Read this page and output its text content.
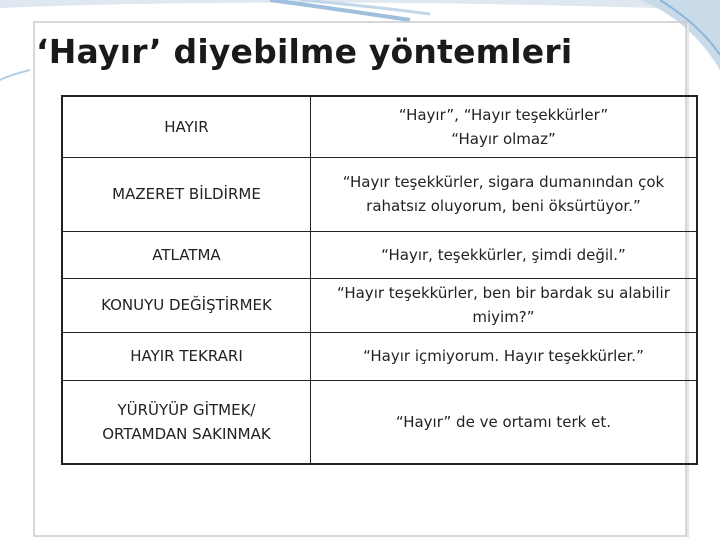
‘Hayır’ diyebilme yöntemleri
HAYIR	“Hayır”, “Hayır teşekkürler”
“Hayır olmaz”

MAZERET BİLDİRME	“Hayır teşekkürler, sigara dumanından çok
rahatsız oluyorum, beni öksürtüyor.”

ATLATMA	“Hayır, teşekkürler, şimdi değil.”

KONUYU DEĞİŞTİRMEK	“Hayır teşekkürler, ben bir bardak su alabilir
miyim?”

HAYIR TEKRARI	“Hayır içmiyorum. Hayır teşekkürler.”

YÜRÜYÜP GİTMEK/
ORTAMDAN SAKINMAK	“Hayır” de ve ortamı terk et.
